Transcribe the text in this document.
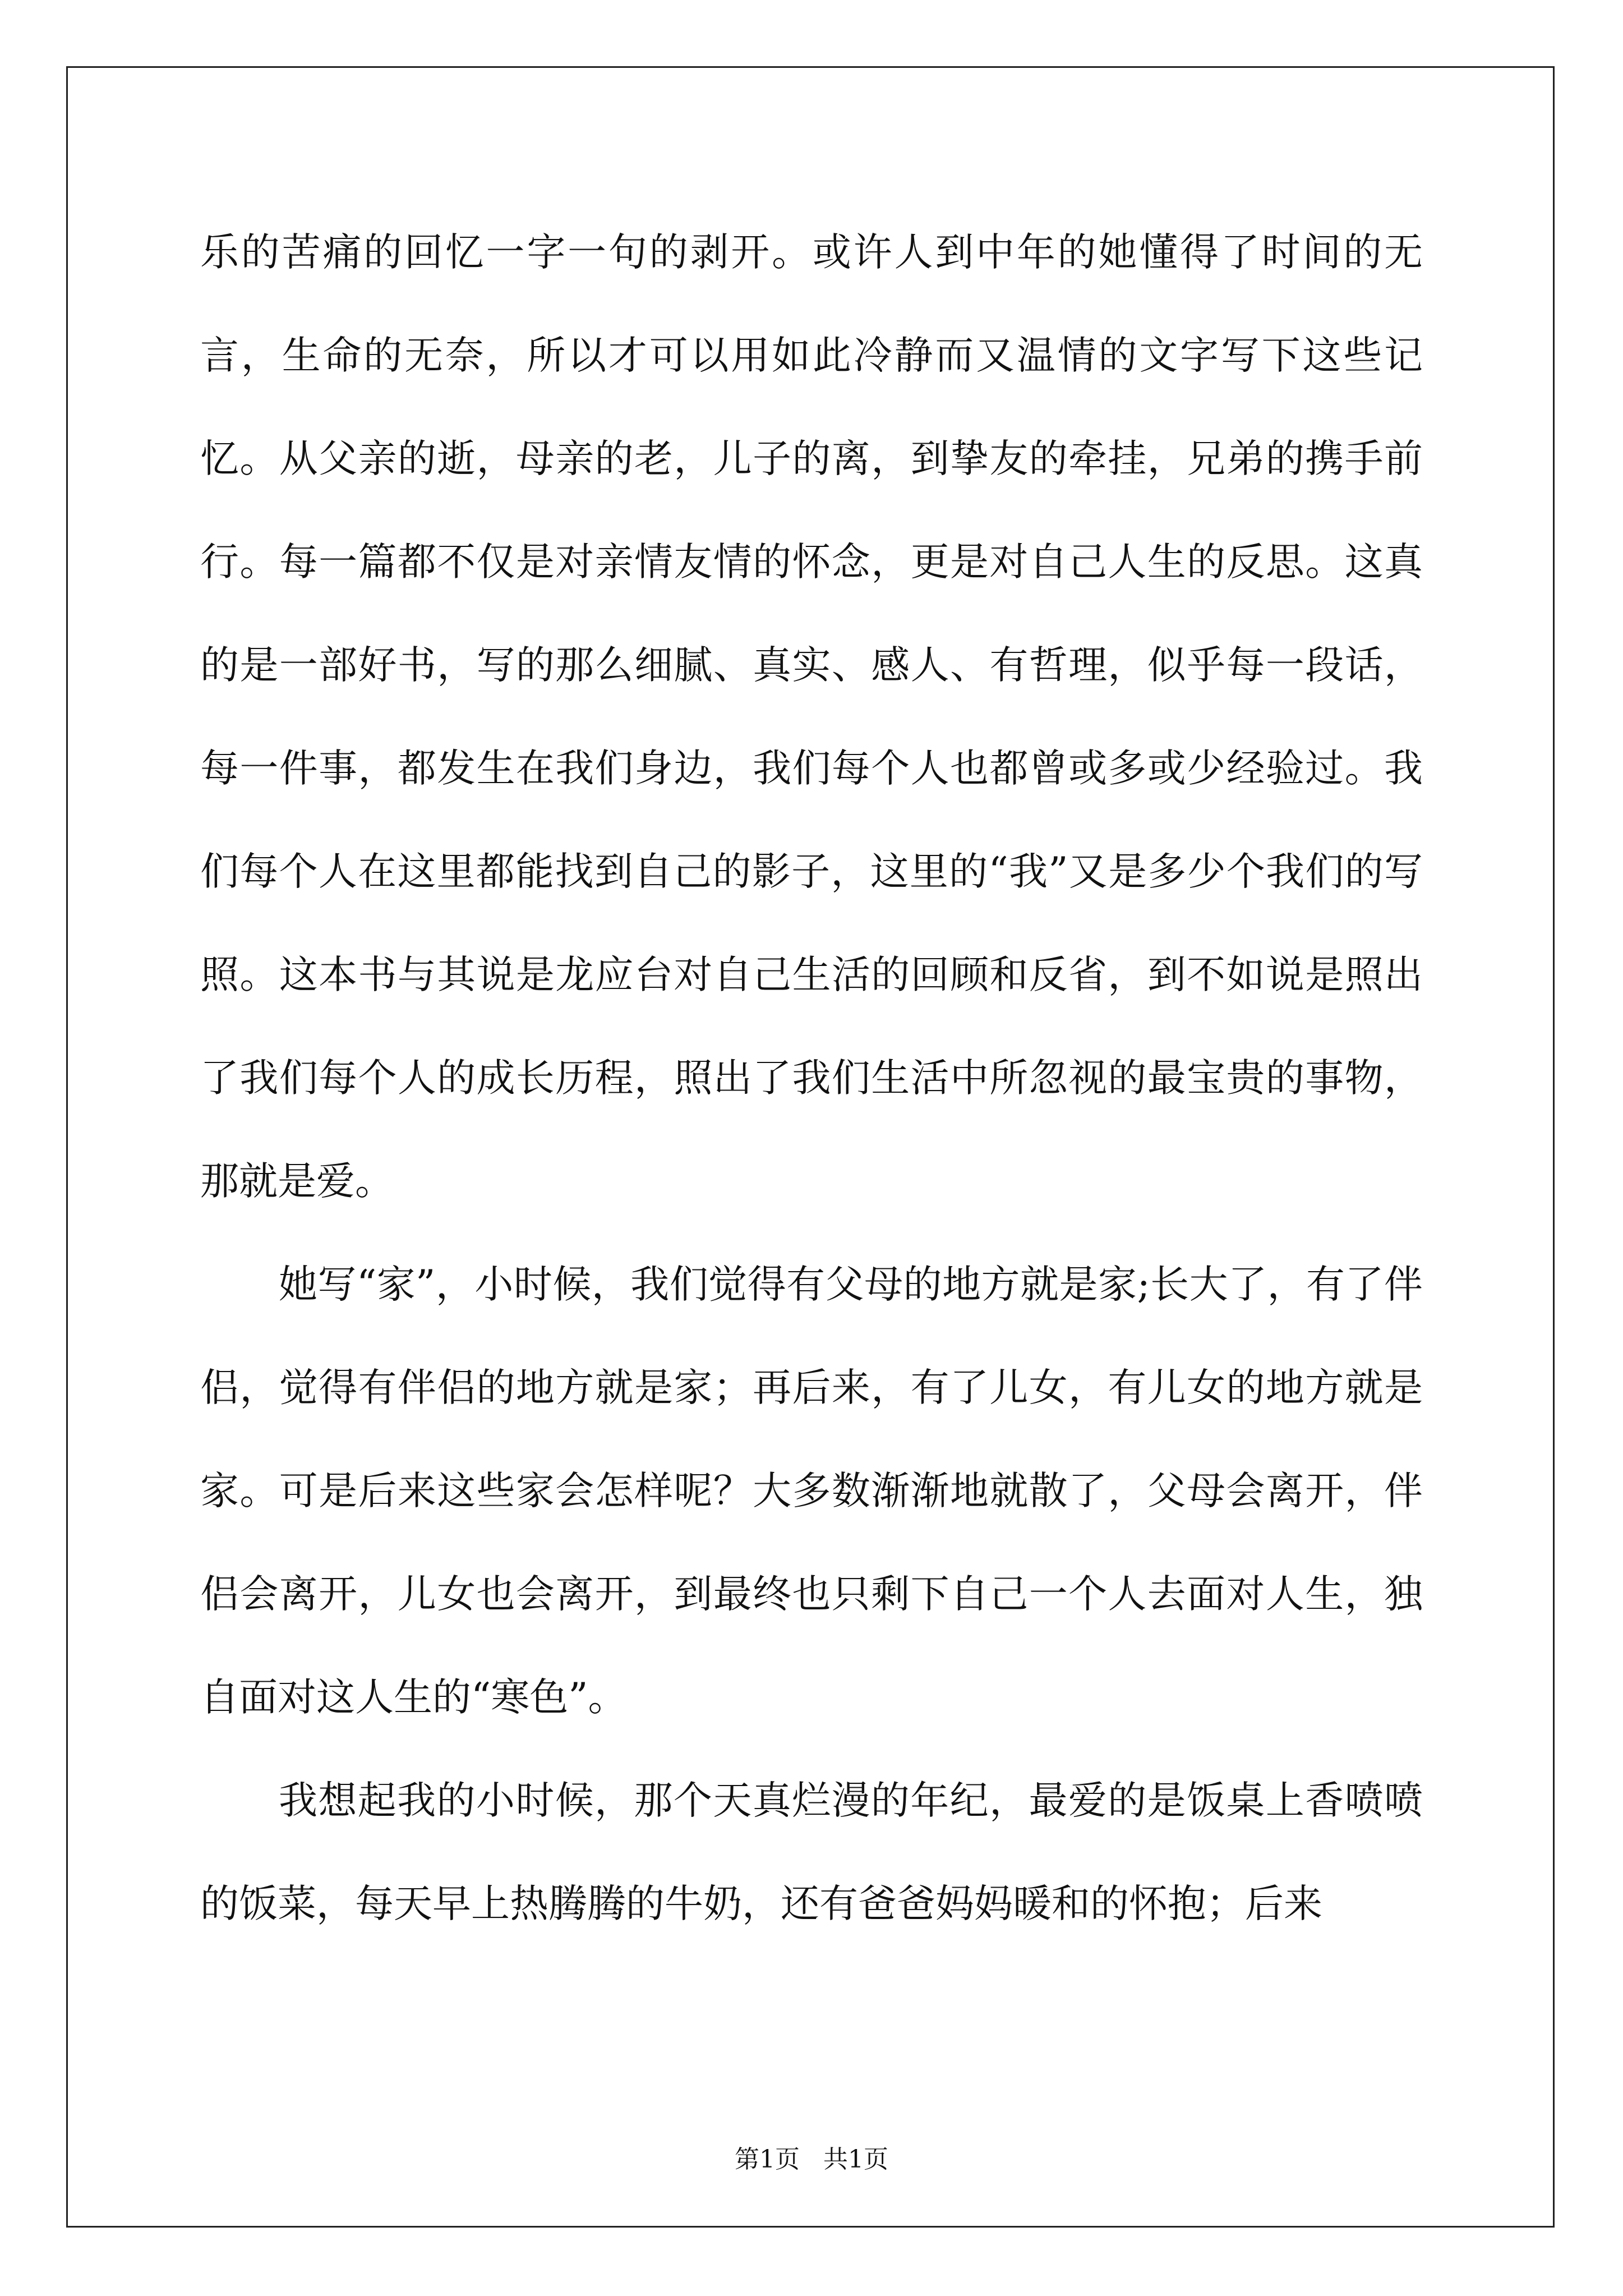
乐的苦痛的回忆一字一句的剥开。或许人到中年的她懂得了时间的无言，生命的无奈，所以才可以用如此冷静而又温情的文字写下这些记忆。从父亲的逝，母亲的老，儿子的离，到挚友的牵挂，兄弟的携手前行。每一篇都不仅是对亲情友情的怀念，更是对自己人生的反思。这真的是一部好书，写的那么细腻、真实、感人、有哲理，似乎每一段话，每一件事，都发生在我们身边，我们每个人也都曾或多或少经验过。我们每个人在这里都能找到自己的影子，这里的“我”又是多少个我们的写照。这本书与其说是龙应台对自己生活的回顾和反省，到不如说是照出了我们每个人的成长历程，照出了我们生活中所忽视的最宝贵的事物，那就是爱。

她写“家”，小时候，我们觉得有父母的地方就是家;长大了，有了伴侣，觉得有伴侣的地方就是家；再后来，有了儿女，有儿女的地方就是家。可是后来这些家会怎样呢？大多数渐渐地就散了，父母会离开，伴侣会离开，儿女也会离开，到最终也只剩下自己一个人去面对人生，独自面对这人生的“寒色”。

我想起我的小时候，那个天真烂漫的年纪，最爱的是饭桌上香喷喷的饭菜，每天早上热腾腾的牛奶，还有爸爸妈妈暖和的怀抱；后来

第1页 共1页
